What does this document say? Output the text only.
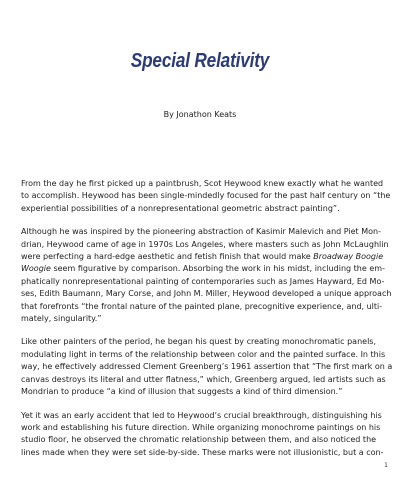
Special Relativity
By Jonathon Keats

From the day he first picked up a paintbrush, Scot Heywood knew exactly what he wanted
to accomplish. Heywood has been single-mindedly focused for the past half century on “the
experiential possibilities of a nonrepresentational geometric abstract painting”.

Although he was inspired by the pioneering abstraction of Kasimir Malevich and Piet Mon-
drian, Heywood came of age in 1970s Los Angeles, where masters such as John McLaughlin
were perfecting a hard-edge aesthetic and fetish finish that would make Broadway Boogie
Woogie seem figurative by comparison. Absorbing the work in his midst, including the em-
phatically nonrepresentational painting of contemporaries such as James Hayward, Ed Mo-
ses, Edith Baumann, Mary Corse, and John M. Miller, Heywood developed a unique approach
that forefronts “the frontal nature of the painted plane, precognitive experience, and, ulti-
mately, singularity.”

Like other painters of the period, he began his quest by creating monochromatic panels,
modulating light in terms of the relationship between color and the painted surface. In this
way, he effectively addressed Clement Greenberg’s 1961 assertion that “The first mark on a
canvas destroys its literal and utter flatness,” which, Greenberg argued, led artists such as
Mondrian to produce “a kind of illusion that suggests a kind of third dimension.”

Yet it was an early accident that led to Heywood’s crucial breakthrough, distinguishing his
work and establishing his future direction. While organizing monochrome paintings on his
studio floor, he observed the chromatic relationship between them, and also noticed the
lines made when they were set side-by-side. These marks were not illusionistic, but a con-

1
